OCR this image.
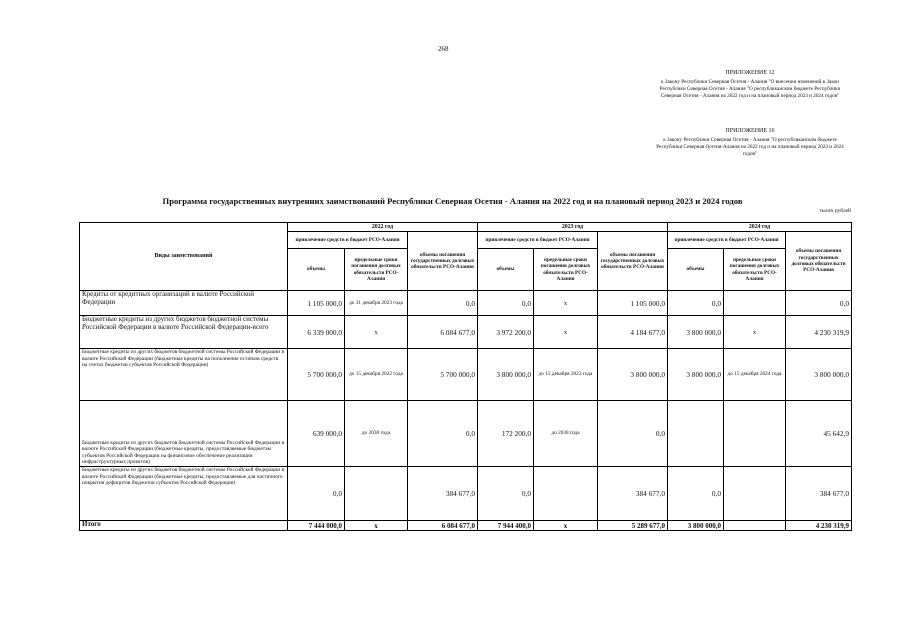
268
ПРИЛОЖЕНИЕ 12
к Закону Республики Северная Осетия - Алания "О внесении изменений в Закон Республики Северная Осетия - Алания "О республиканском бюджете Республики Северная Осетия - Алания на 2022 год и на плановый период 2023 и 2024 годов"
ПРИЛОЖЕНИЕ 16
к Закону Республики Северная Осетия - Алания "О республиканском бюджете Республики Северная Осетия-Алания на 2022 год и на плановый период 2023 и 2024 годов"
Программа государственных внутренних заимствований Республики Северная Осетия - Алания на 2022 год и на плановый период 2023 и 2024 годов
тысяч рублей
Виды заимствований	2022 год			2023 год			2024 год		
	привлечение средств в бюджет РСО-Алания		объемы погашения государственных долговых обязательств РСО-Алания	привлечение средств в бюджет РСО-Алания		объемы погашения государственных долговых обязательств РСО-Алания	привлечение средств в бюджет РСО-Алания		объемы погашения государственных долговых обязательств РСО-Алания
	объемы	предельные сроки погашения долговых обязательств РСО-Алания		объемы	предельные сроки погашения долговых обязательств РСО-Алания		объемы	предельные сроки погашения долговых обязательств РСО-Алания	
Кредиты от кредитных организаций в валюте Российской Федерации	1 105 000,0	до 31 декабря 2023 года	0,0	0,0	х	1 105 000,0	0,0		0,0
Бюджетные кредиты из других бюджетов бюджетной системы Российской Федерации в валюте Российской Федерации-всего	6 339 000,0	х	6 084 677,0	3 972 200,0	х	4 184 677,0	3 800 000,0	х	4 230 319,9
Бюджетные кредиты из других бюджетов бюджетной системы Российской Федерации в валюте Российской Федерации (бюджетные кредиты на пополнение остатков средств на счетах бюджетов субъектов Российской Федерации)	5 700 000,0	до 15 декабря 2022 года	5 700 000,0	3 800 000,0	до 15 декабря 2023 года	3 800 000,0	3 800 000,0	до 15 декабря 2024 года	3 800 000,0
Бюджетные кредиты из других бюджетов бюджетной системы Российской Федерации в валюте Российской Федерации (бюджетные кредиты, предоставляемые бюджетам субъектов Российской Федерации на финансовое обеспечение реализации инфраструктурных проектов)	639 000,0	до 2038 года	0,0	172 200,0	до 2038 года	0,0			45 642,9
Бюджетные кредиты из других бюджетов бюджетной системы Российской Федерации в валюте Российской Федерации (бюджетные кредиты, предоставляемые для частичного покрытия дефицитов бюджетов субъектов Российской Федерации)	0,0		384 677,0	0,0		384 677,0	0,0		384 677,0
Итого	7 444 000,0	х	6 084 677,0	7 944 400,0	х	5 289 677,0	3 800 000,0		4 230 319,9
